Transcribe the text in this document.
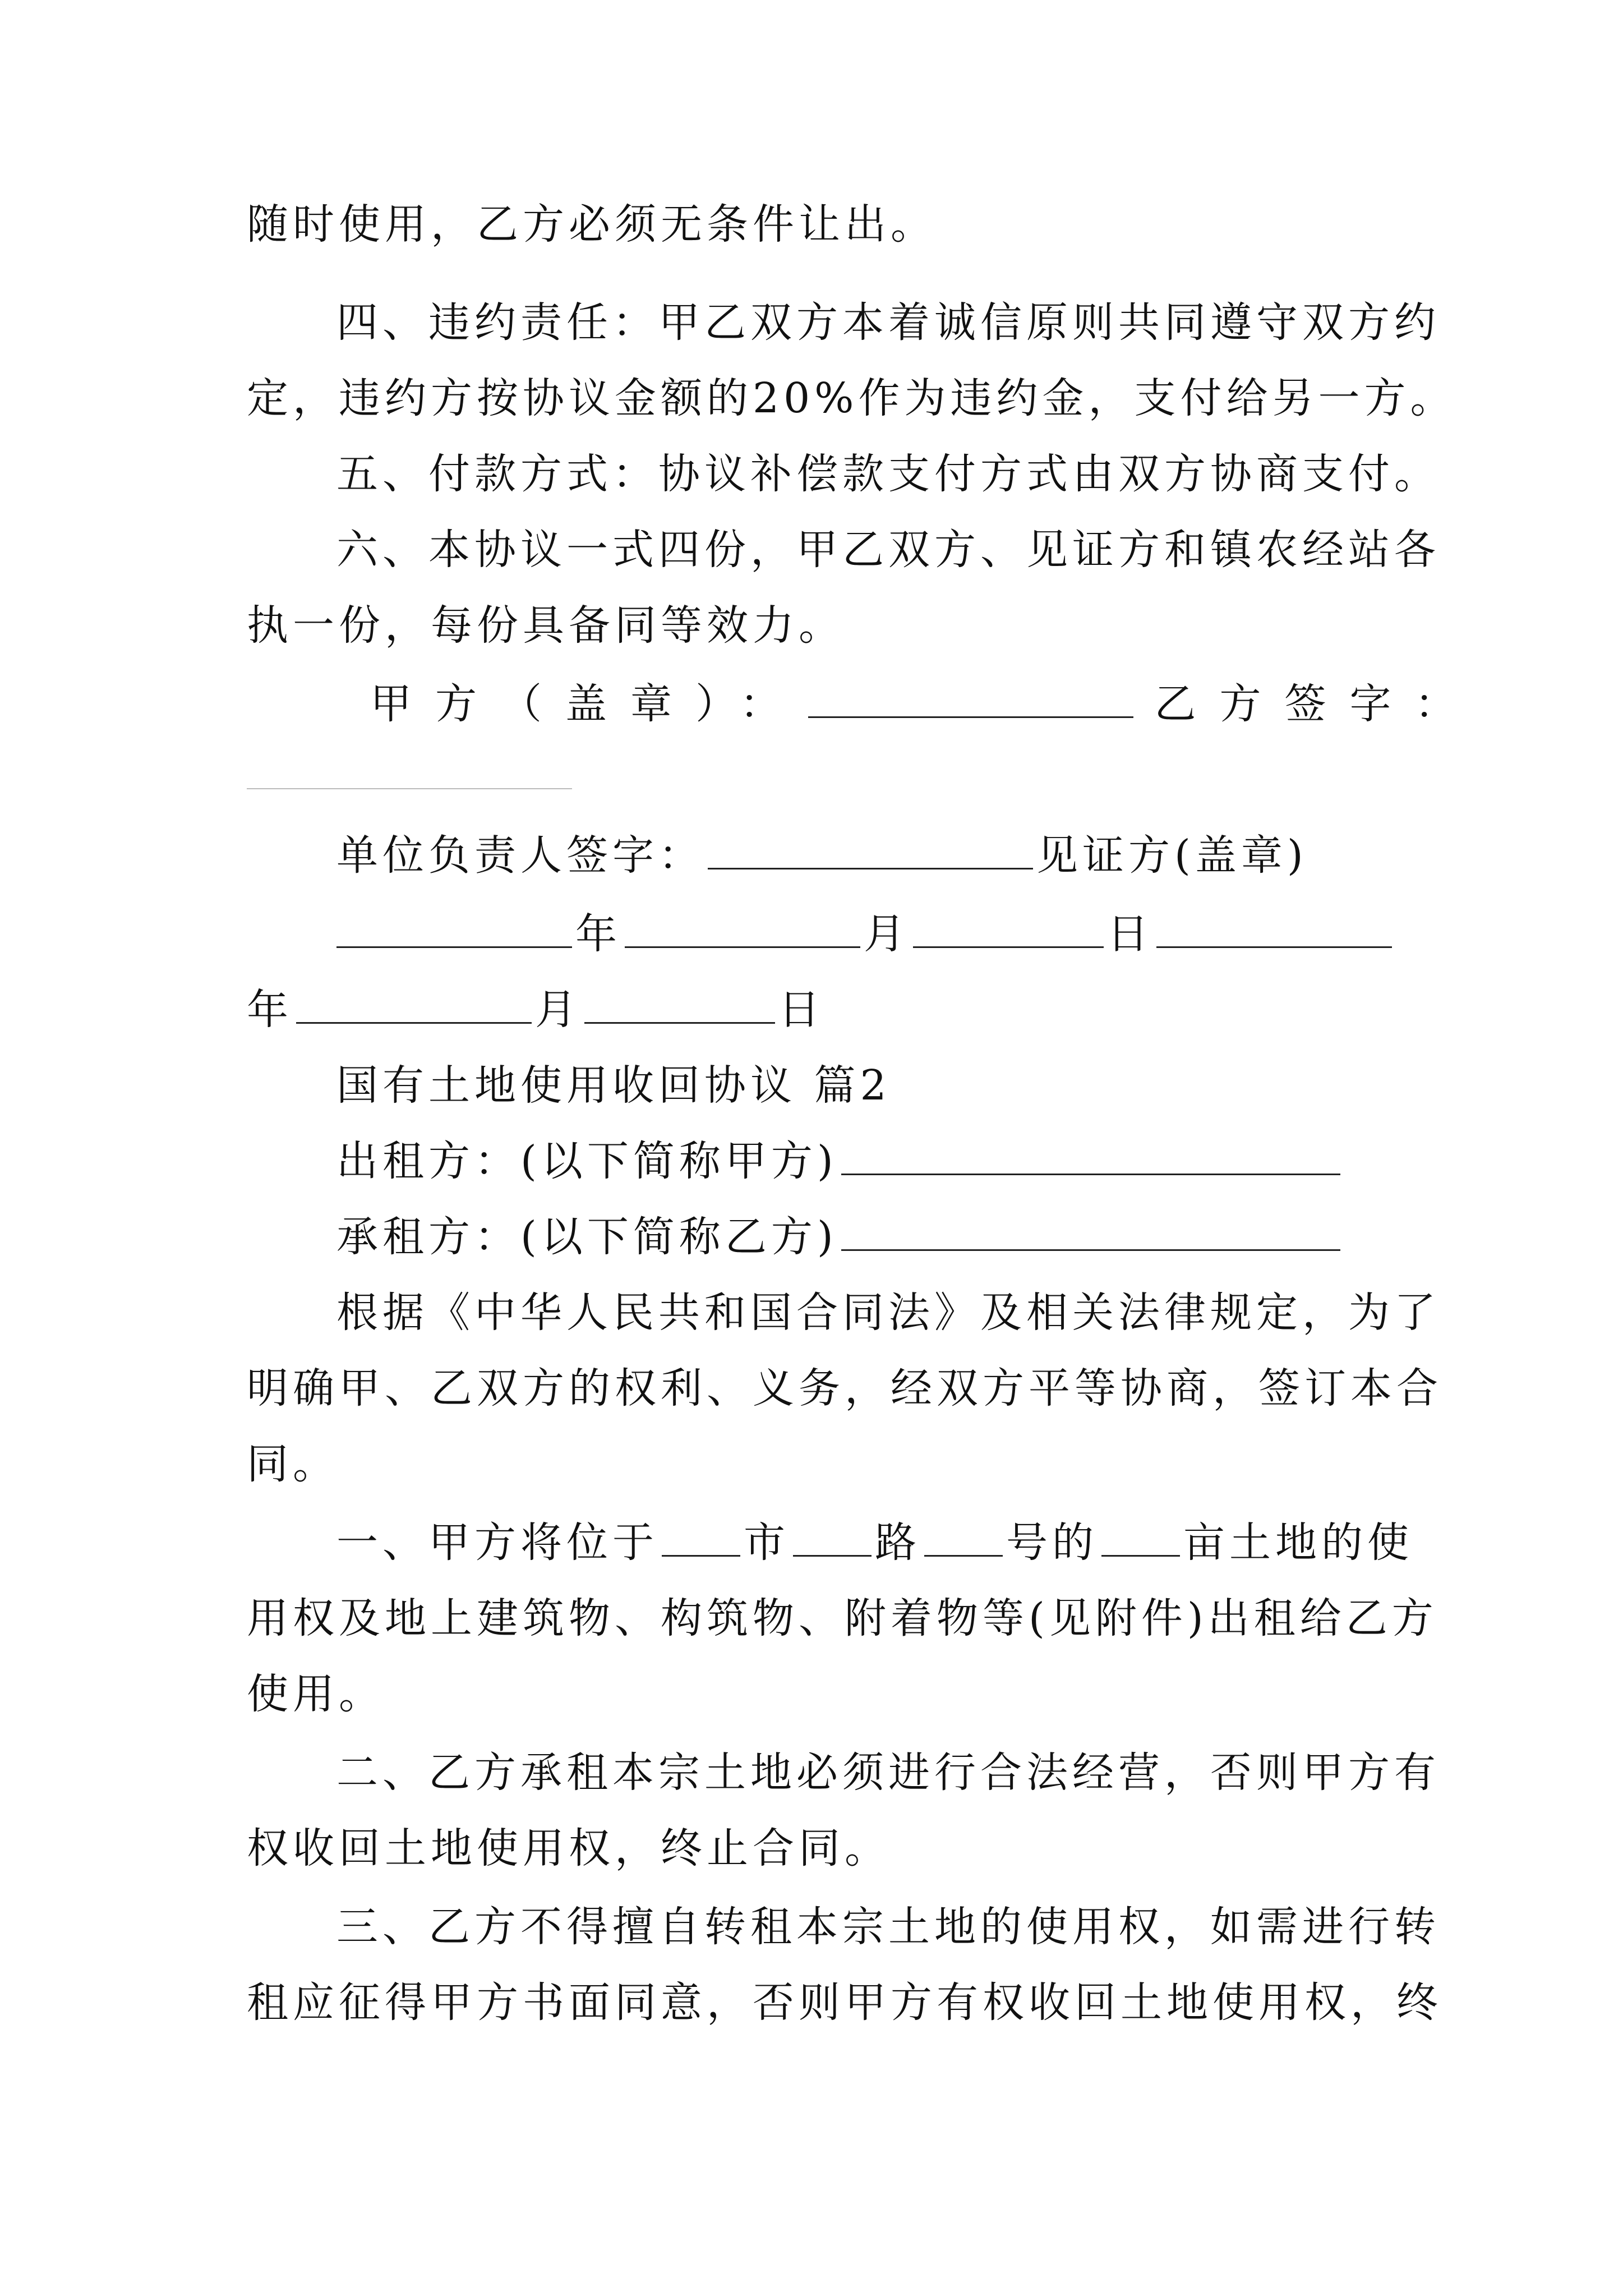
随时使用，乙方必须无条件让出。
四、违约责任：甲乙双方本着诚信原则共同遵守双方约
定，违约方按协议金额的20%作为违约金，支付给另一方。
五、付款方式：协议补偿款支付方式由双方协商支付。
六、本协议一式四份，甲乙双方、见证方和镇农经站各
执一份，每份具备同等效力。
甲方（盖章）：	乙方签字：
单位负责人签字：	见证方(盖章)
年	月	日
年	月	日
国有土地使用收回协议 篇2
出租方：(以下简称甲方)
承租方：(以下简称乙方)
根据《中华人民共和国合同法》及相关法律规定，为了
明确甲、乙双方的权利、义务，经双方平等协商，签订本合
同。
一、甲方将位于 市 路 号的 亩土地的使
用权及地上建筑物、构筑物、附着物等(见附件)出租给乙方
使用。
二、乙方承租本宗土地必须进行合法经营，否则甲方有
权收回土地使用权，终止合同。
三、乙方不得擅自转租本宗土地的使用权，如需进行转
租应征得甲方书面同意，否则甲方有权收回土地使用权，终
